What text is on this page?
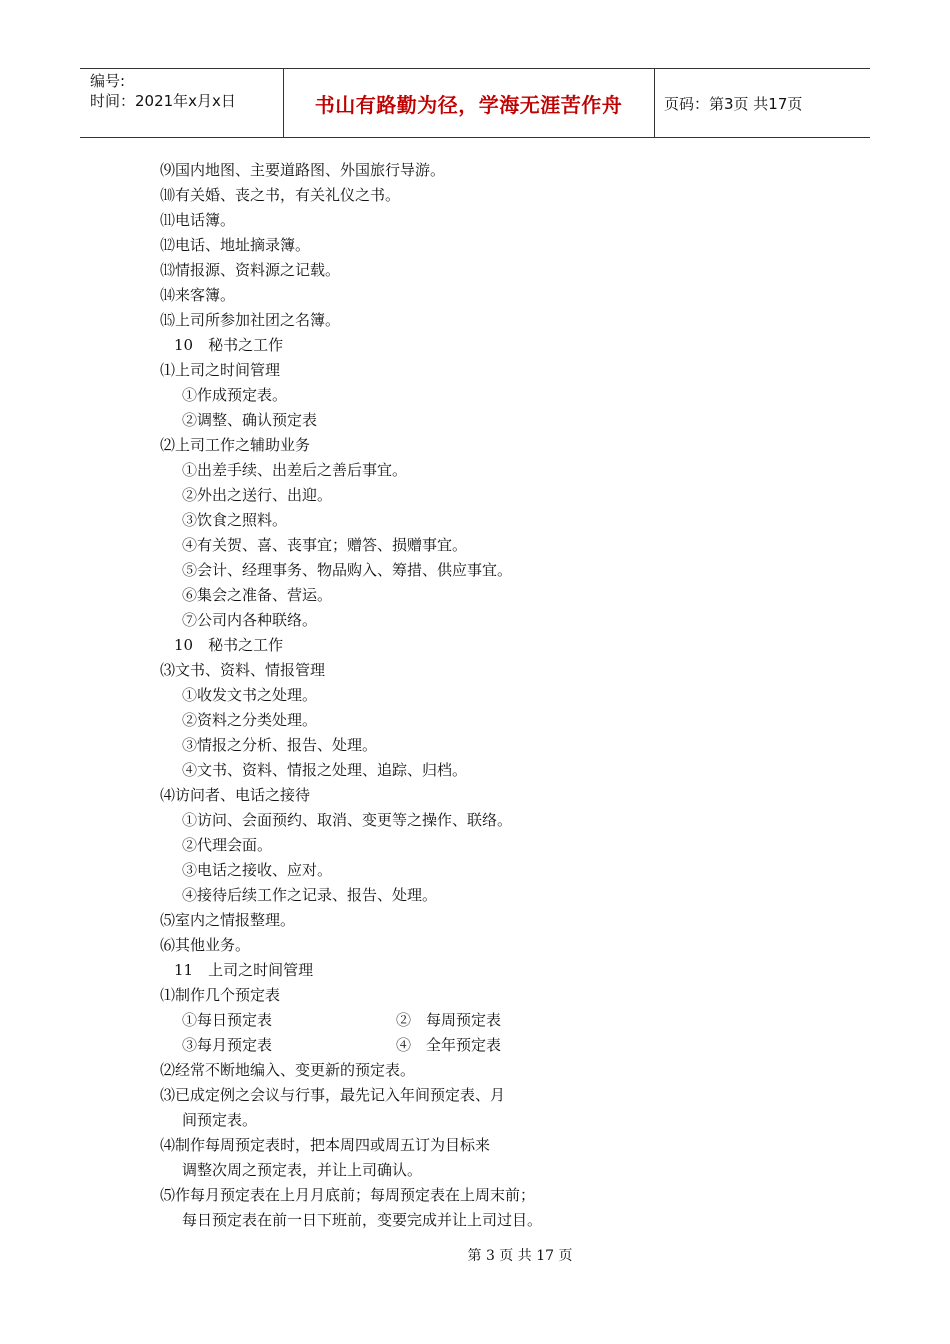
编号:
时间：2021年x月x日	书山有路勤为径，学海无涯苦作舟	页码：第3页 共17页
⑼国内地图、主要道路图、外国旅行导游。
⑽有关婚、丧之书，有关礼仪之书。
⑾电话簿。
⑿电话、地址摘录簿。
⒀情报源、资料源之记载。
⒁来客簿。
⒂上司所参加社团之名簿。
10　秘书之工作
⑴上司之时间管理
①作成预定表。
②调整、确认预定表
⑵上司工作之辅助业务
①出差手续、出差后之善后事宜。
②外出之送行、出迎。
③饮食之照料。
④有关贺、喜、丧事宜；赠答、损赠事宜。
⑤会计、经理事务、物品购入、筹措、供应事宜。
⑥集会之准备、营运。
⑦公司内各种联络。
10　秘书之工作
⑶文书、资料、情报管理
①收发文书之处理。
②资料之分类处理。
③情报之分析、报告、处理。
④文书、资料、情报之处理、追踪、归档。
⑷访问者、电话之接待
①访问、会面预约、取消、变更等之操作、联络。
②代理会面。
③电话之接收、应对。
④接待后续工作之记录、报告、处理。
⑸室内之情报整理。
⑹其他业务。
11　上司之时间管理
⑴制作几个预定表
①每日预定表	②　每周预定表
③每月预定表	④　全年预定表
⑵经常不断地编入、变更新的预定表。
⑶已成定例之会议与行事，最先记入年间预定表、月
间预定表。
⑷制作每周预定表时，把本周四或周五订为目标来
调整次周之预定表，并让上司确认。
⑸作每月预定表在上月月底前；每周预定表在上周末前；
每日预定表在前一日下班前，变要完成并让上司过目。
第 3 页 共 17 页
